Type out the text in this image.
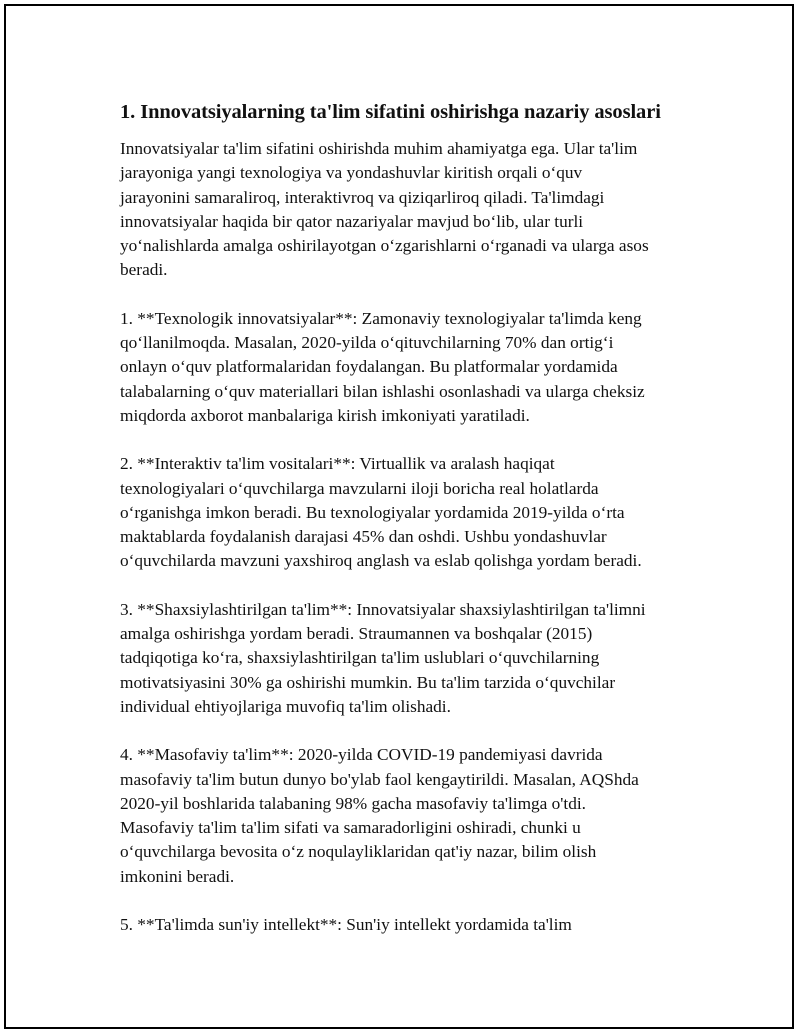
1. Innovatsiyalarning ta'lim sifatini oshirishga nazariy asoslari

Innovatsiyalar ta'lim sifatini oshirishda muhim ahamiyatga ega. Ular ta'lim
jarayoniga yangi texnologiya va yondashuvlar kiritish orqali o‘quv
jarayonini samaraliroq, interaktivroq va qiziqarliroq qiladi. Ta'limdagi
innovatsiyalar haqida bir qator nazariyalar mavjud bo‘lib, ular turli
yo‘nalishlarda amalga oshirilayotgan o‘zgarishlarni o‘rganadi va ularga asos
beradi.

1. **Texnologik innovatsiyalar**: Zamonaviy texnologiyalar ta'limda keng
qo‘llanilmoqda. Masalan, 2020-yilda o‘qituvchilarning 70% dan ortig‘i
onlayn o‘quv platformalaridan foydalangan. Bu platformalar yordamida
talabalarning o‘quv materiallari bilan ishlashi osonlashadi va ularga cheksiz
miqdorda axborot manbalariga kirish imkoniyati yaratiladi.

2. **Interaktiv ta'lim vositalari**: Virtuallik va aralash haqiqat
texnologiyalari o‘quvchilarga mavzularni iloji boricha real holatlarda
o‘rganishga imkon beradi. Bu texnologiyalar yordamida 2019-yilda o‘rta
maktablarda foydalanish darajasi 45% dan oshdi. Ushbu yondashuvlar
o‘quvchilarda mavzuni yaxshiroq anglash va eslab qolishga yordam beradi.

3. **Shaxsiylashtirilgan ta'lim**: Innovatsiyalar shaxsiylashtirilgan ta'limni
amalga oshirishga yordam beradi. Straumannen va boshqalar (2015)
tadqiqotiga ko‘ra, shaxsiylashtirilgan ta'lim uslublari o‘quvchilarning
motivatsiyasini 30% ga oshirishi mumkin. Bu ta'lim tarzida o‘quvchilar
individual ehtiyojlariga muvofiq ta'lim olishadi.

4. **Masofaviy ta'lim**: 2020-yilda COVID-19 pandemiyasi davrida
masofaviy ta'lim butun dunyo bo'ylab faol kengaytirildi. Masalan, AQShda
2020-yil boshlarida talabaning 98% gacha masofaviy ta'limga o'tdi.
Masofaviy ta'lim ta'lim sifati va samaradorligini oshiradi, chunki u
o‘quvchilarga bevosita o‘z noqulayliklaridan qat'iy nazar, bilim olish
imkonini beradi.

5. **Ta'limda sun'iy intellekt**: Sun'iy intellekt yordamida ta'lim
